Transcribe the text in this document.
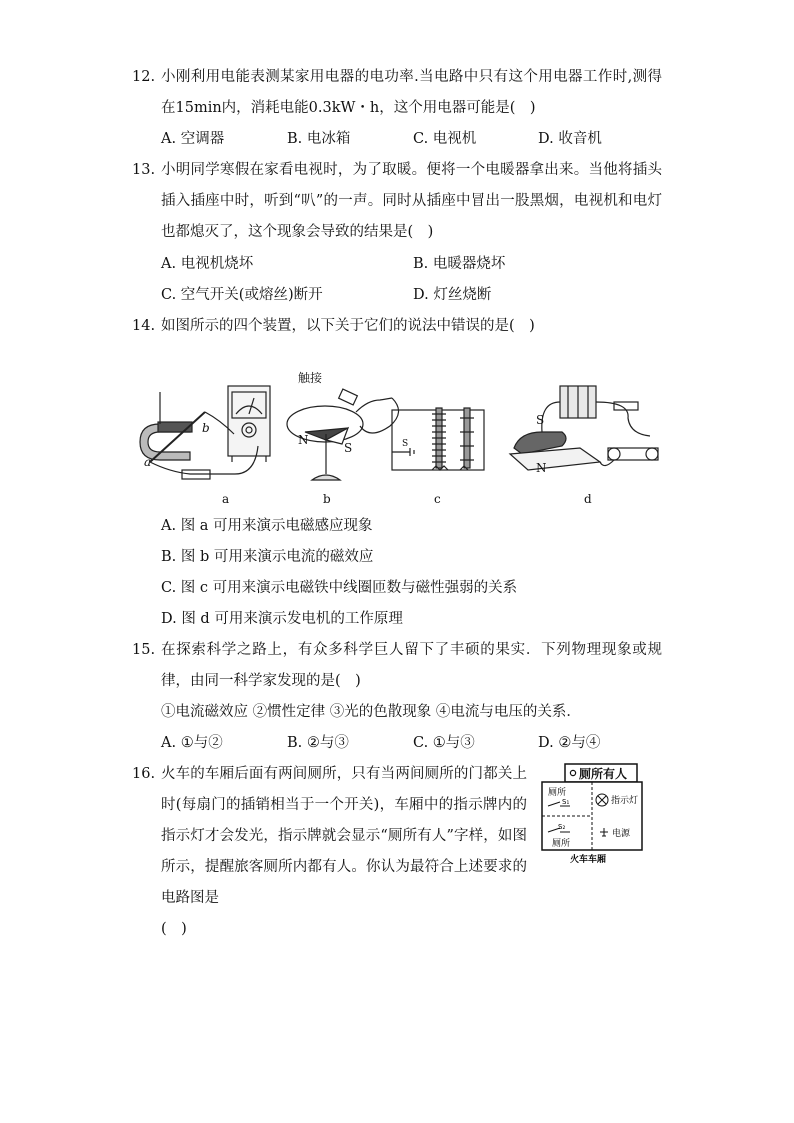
12. 小刚利用电能表测某家用电器的电功率.当电路中只有这个用电器工作时,测得在15min内，消耗电能0.3kW・h，这个用电器可能是(　)
A. 空调器	B. 电冰箱	C. 电视机	D. 收音机
13. 小明同学寒假在家看电视时，为了取暖。便将一个电暖器拿出来。当他将插头插入插座中时，听到“叭”的一声。同时从插座中冒出一股黑烟，电视机和电灯也都熄灭了，这个现象会导致的结果是(　)
A. 电视机烧坏	B. 电暖器烧坏
C. 空气开关(或熔丝)断开	D. 灯丝烧断
14. 如图所示的四个装置，以下关于它们的说法中错误的是(　)
a
b
触接
N
S	S
S
N
a	b	c	d
A. 图 a 可用来演示电磁感应现象
B. 图 b 可用来演示电流的磁效应
C. 图 c 可用来演示电磁铁中线圈匝数与磁性强弱的关系
D. 图 d 可用来演示发电机的工作原理
15. 在探索科学之路上，有众多科学巨人留下了丰硕的果实．下列物理现象或规律，由同一科学家发现的是(　)
①电流磁效应 ②惯性定律 ③光的色散现象 ④电流与电压的关系．
A. ①与②	B. ②与③	C. ①与③	D. ②与④
16. 火车的车厢后面有两间厕所，只有当两间厕所的门都关上时(每扇门的插销相当于一个开关)，车厢中的指示牌内的指示灯才会发光，指示牌就会显示“厕所有人”字样，如图所示，提醒旅客厕所内都有人。你认为最符合上述要求的电路图是
(　)
厕所有人
厕所
S₁
S₂
厕所
指示灯
电源
火车车厢
